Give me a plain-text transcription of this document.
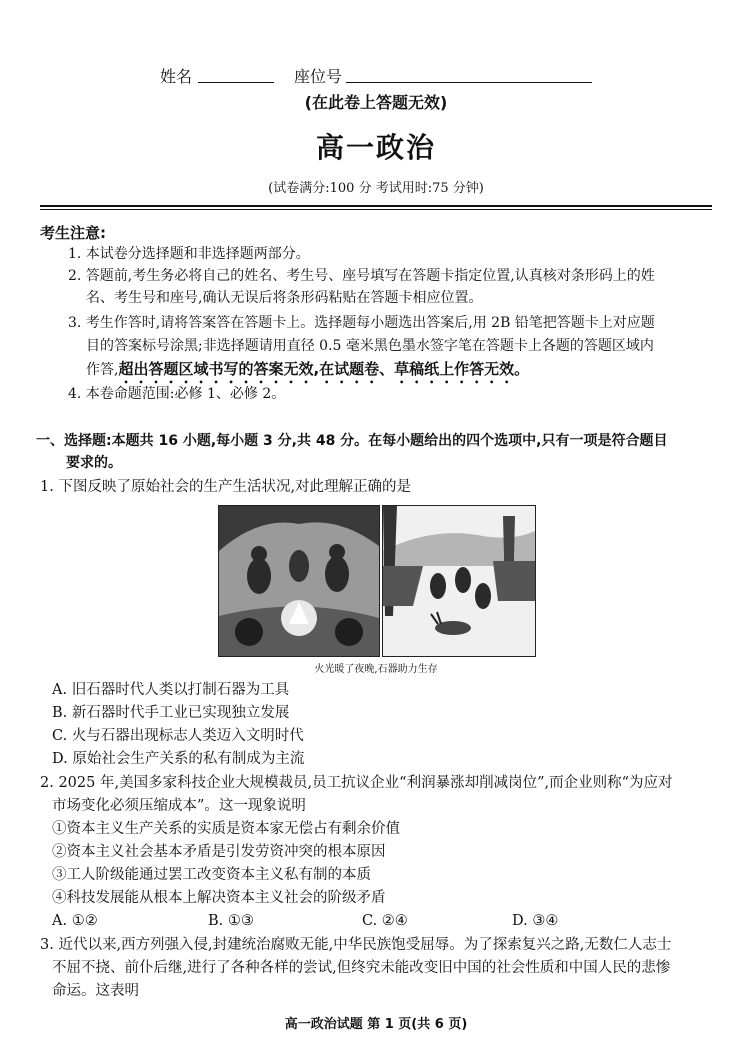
姓名	座位号
(在此卷上答题无效)
高一政治
(试卷满分:100 分 考试用时:75 分钟)
考生注意:
1. 本试卷分选择题和非选择题两部分。
2. 答题前,考生务必将自己的姓名、考生号、座号填写在答题卡指定位置,认真核对条形码上的姓
名、考生号和座号,确认无误后将条形码粘贴在答题卡相应位置。
3. 考生作答时,请将答案答在答题卡上。选择题每小题选出答案后,用 2B 铅笔把答题卡上对应题
目的答案标号涂黑;非选择题请用直径 0.5 毫米黑色墨水签字笔在答题卡上各题的答题区域内
作答,超出答题区域书写的答案无效,在试题卷、草稿纸上作答无效。
4. 本卷命题范围:必修 1、必修 2。
一、选择题:本题共 16 小题,每小题 3 分,共 48 分。在每小题给出的四个选项中,只有一项是符合题目
要求的。
1. 下图反映了原始社会的生产生活状况,对此理解正确的是
火光暖了夜晚,石器助力生存
A. 旧石器时代人类以打制石器为工具
B. 新石器时代手工业已实现独立发展
C. 火与石器出现标志人类迈入文明时代
D. 原始社会生产关系的私有制成为主流
2. 2025 年,美国多家科技企业大规模裁员,员工抗议企业“利润暴涨却削减岗位”,而企业则称“为应对
市场变化必须压缩成本”。这一现象说明
①资本主义生产关系的实质是资本家无偿占有剩余价值
②资本主义社会基本矛盾是引发劳资冲突的根本原因
③工人阶级能通过罢工改变资本主义私有制的本质
④科技发展能从根本上解决资本主义社会的阶级矛盾
A. ①②	B. ①③	C. ②④	D. ③④
3. 近代以来,西方列强入侵,封建统治腐败无能,中华民族饱受屈辱。为了探索复兴之路,无数仁人志士
不屈不挠、前仆后继,进行了各种各样的尝试,但终究未能改变旧中国的社会性质和中国人民的悲惨
命运。这表明
高一政治试题 第 1 页(共 6 页)
